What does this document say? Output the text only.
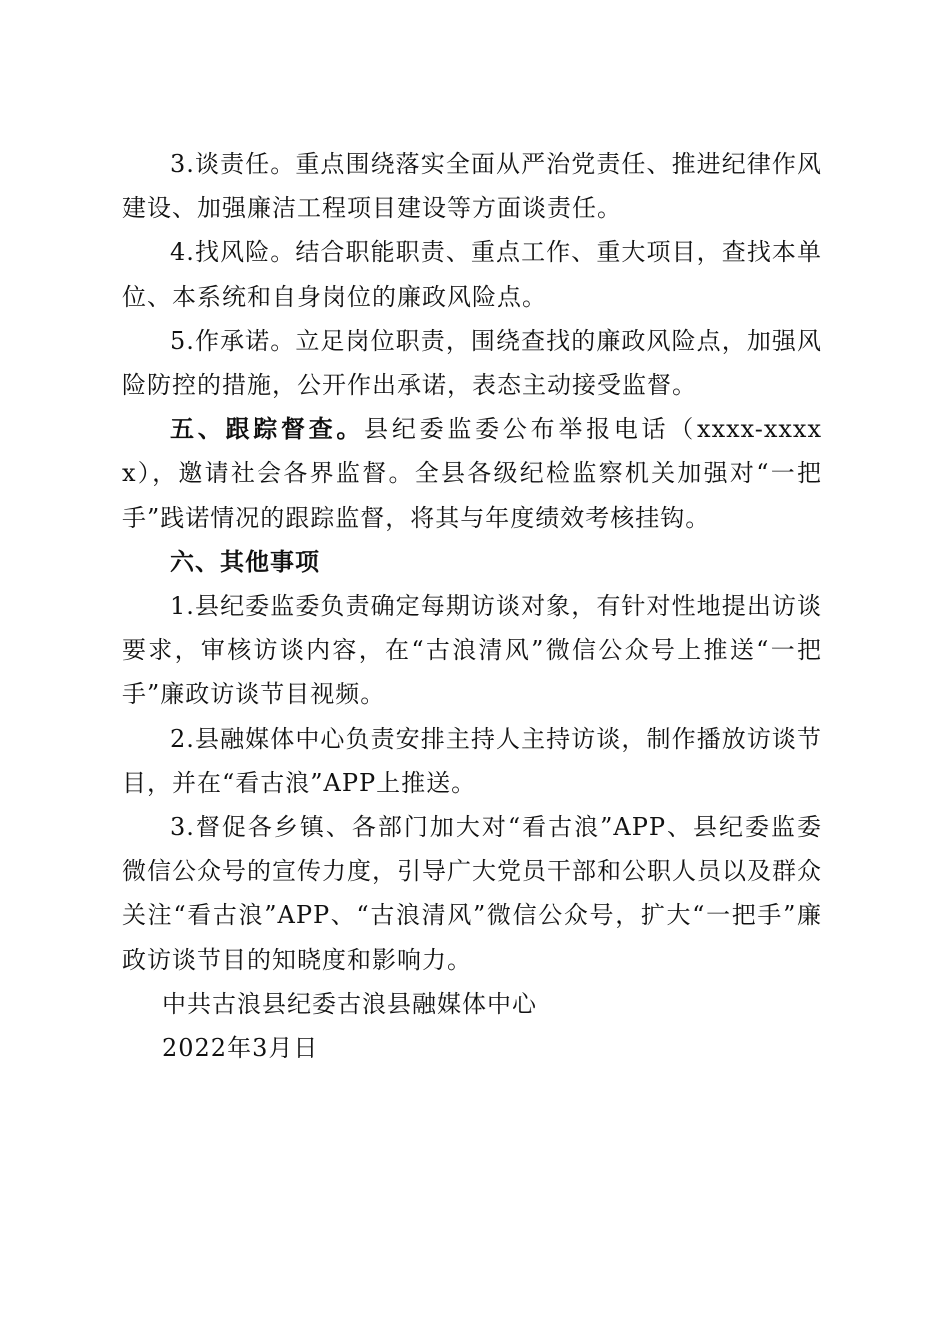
3.谈责任。重点围绕落实全面从严治党责任、推进纪律作风建设、加强廉洁工程项目建设等方面谈责任。

4.找风险。结合职能职责、重点工作、重大项目，查找本单位、本系统和自身岗位的廉政风险点。

5.作承诺。立足岗位职责，围绕查找的廉政风险点，加强风险防控的措施，公开作出承诺，表态主动接受监督。

五、跟踪督查。县纪委监委公布举报电话（xxxx-xxxxx），邀请社会各界监督。全县各级纪检监察机关加强对“一把手”践诺情况的跟踪监督，将其与年度绩效考核挂钩。

六、其他事项

1.县纪委监委负责确定每期访谈对象，有针对性地提出访谈要求，审核访谈内容，在“古浪清风”微信公众号上推送“一把手”廉政访谈节目视频。

2.县融媒体中心负责安排主持人主持访谈，制作播放访谈节目，并在“看古浪”APP上推送。

3.督促各乡镇、各部门加大对“看古浪”APP、县纪委监委微信公众号的宣传力度，引导广大党员干部和公职人员以及群众关注“看古浪”APP、“古浪清风”微信公众号，扩大“一把手”廉政访谈节目的知晓度和影响力。

中共古浪县纪委古浪县融媒体中心

2022年3月日
